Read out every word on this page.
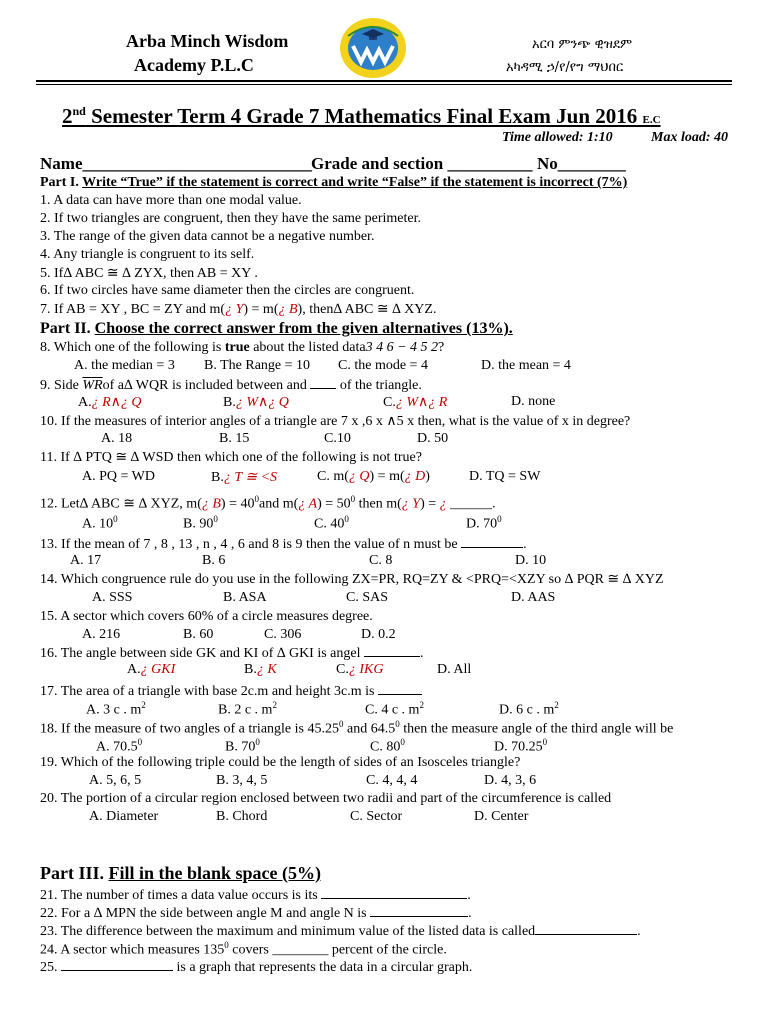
Arba Minch Wisdom
Academy P.L.C
አርባ ምንጭ ዊዝደም
አካዳሚ ኃ/የ/የግ ማህበር
2nd Semester Term 4 Grade 7 Mathematics Final Exam Jun 2016 E.C
Time allowed: 1:10	Max load: 40
Name___________________________ Grade and section __________ No________
Part I. Write “True” if the statement is correct and write “False” if the statement is incorrect (7%)
1. A data can have more than one modal value.
2. If two triangles are congruent, then they have the same perimeter.
3. The range of the given data cannot be a negative number.
4. Any triangle is congruent to its self.
5. If∆ ABC ≅ ∆ ZYX, then AB = XY .
6. If two circles have same diameter then the circles are congruent.
7. If AB = XY , BC = ZY and m(¿ Y) = m(¿ B), then∆ ABC ≅ ∆ XYZ.
Part II. Choose the correct answer from the given alternatives (13%).
8. Which one of the following is true about the listed data3 4 6 − 4 5 2?
A. the median = 3 B. The Range = 10 C. the mode = 4	D. the mean = 4
9. Side $\overline{WR}of$ a∆ WQR is included between and  of the triangle.
A.¿ R∧¿ Q	B.¿ W∧¿ Q	C.¿ W∧¿ R	D. none
10. If the measures of interior angles of a triangle are 7 x ,6 x ∧5 x then, what is the value of x in degree?
A. 18	B. 15	C.10	D. 50
11. If ∆ PTQ ≅ ∆ WSD then which one of the following is not true?
A. PQ = WD	B.¿ T ≅ <S	C. m(¿ Q) = m(¿ D)	D. TQ = SW
12. Let∆ ABC ≅ ∆ XYZ, m(¿ $B) = 40^0and$ m(¿ $A) = 50^0$ then m(¿ Y) = ¿ ______.
A. $10^0$	B. $90^0$	C. $40^0$	D. $70^0$
13. If the mean of 7 , 8 , 13 , n , 4 , 6 and 8 is 9 then the value of n must be	.
A. 17	B. 6	C. 8	D. 10
14. Which congruence rule do you use in the following ZX=PR, RQ=ZY & <PRQ=<XZY so ∆ PQR ≅ ∆ XYZ
A. SSS	B. ASA	C. SAS	D. AAS
15. A sector which covers 60% of a circle measures degree.
A. 216	B. 60	C. 306	D. 0.2
16. The angle between side GK and KI of ∆ GKI is angel	.
A.¿ GKI	B.¿ K	C.¿ IKG	D. All
17. The area of a triangle with base 2c.m and height 3c.m is
A. 3 c . $m^2$	B. 2 c . $m^2$	C. 4 c . $m^2$	D. 6 c . $m^2$
18. If the measure of two angles of a triangle is 45.25$^0$ and 64.5$^0$ then the measure angle of the third angle will be
A. 70.5$^0$	B. $70^0$	C. $80^0$	D. 70.25$^0$
19. Which of the following triple could be the length of sides of an Isosceles triangle?
A. 5, 6, 5	B. 3, 4, 5	C. 4, 4, 4	D. 4, 3, 6
20. The portion of a circular region enclosed between two radii and part of the circumference is called
A. Diameter	B. Chord	C. Sector	D. Center
Part III. Fill in the blank space (5%)
21. The number of times a data value occurs is its	.
22. For a ∆ MPN the side between angle M and angle N is	.
23. The difference between the maximum and minimum value of the listed data is called	.
24. A sector which measures $135^0$ covers ________ percent of the circle.
25.	is a graph that represents the data in a circular graph.
